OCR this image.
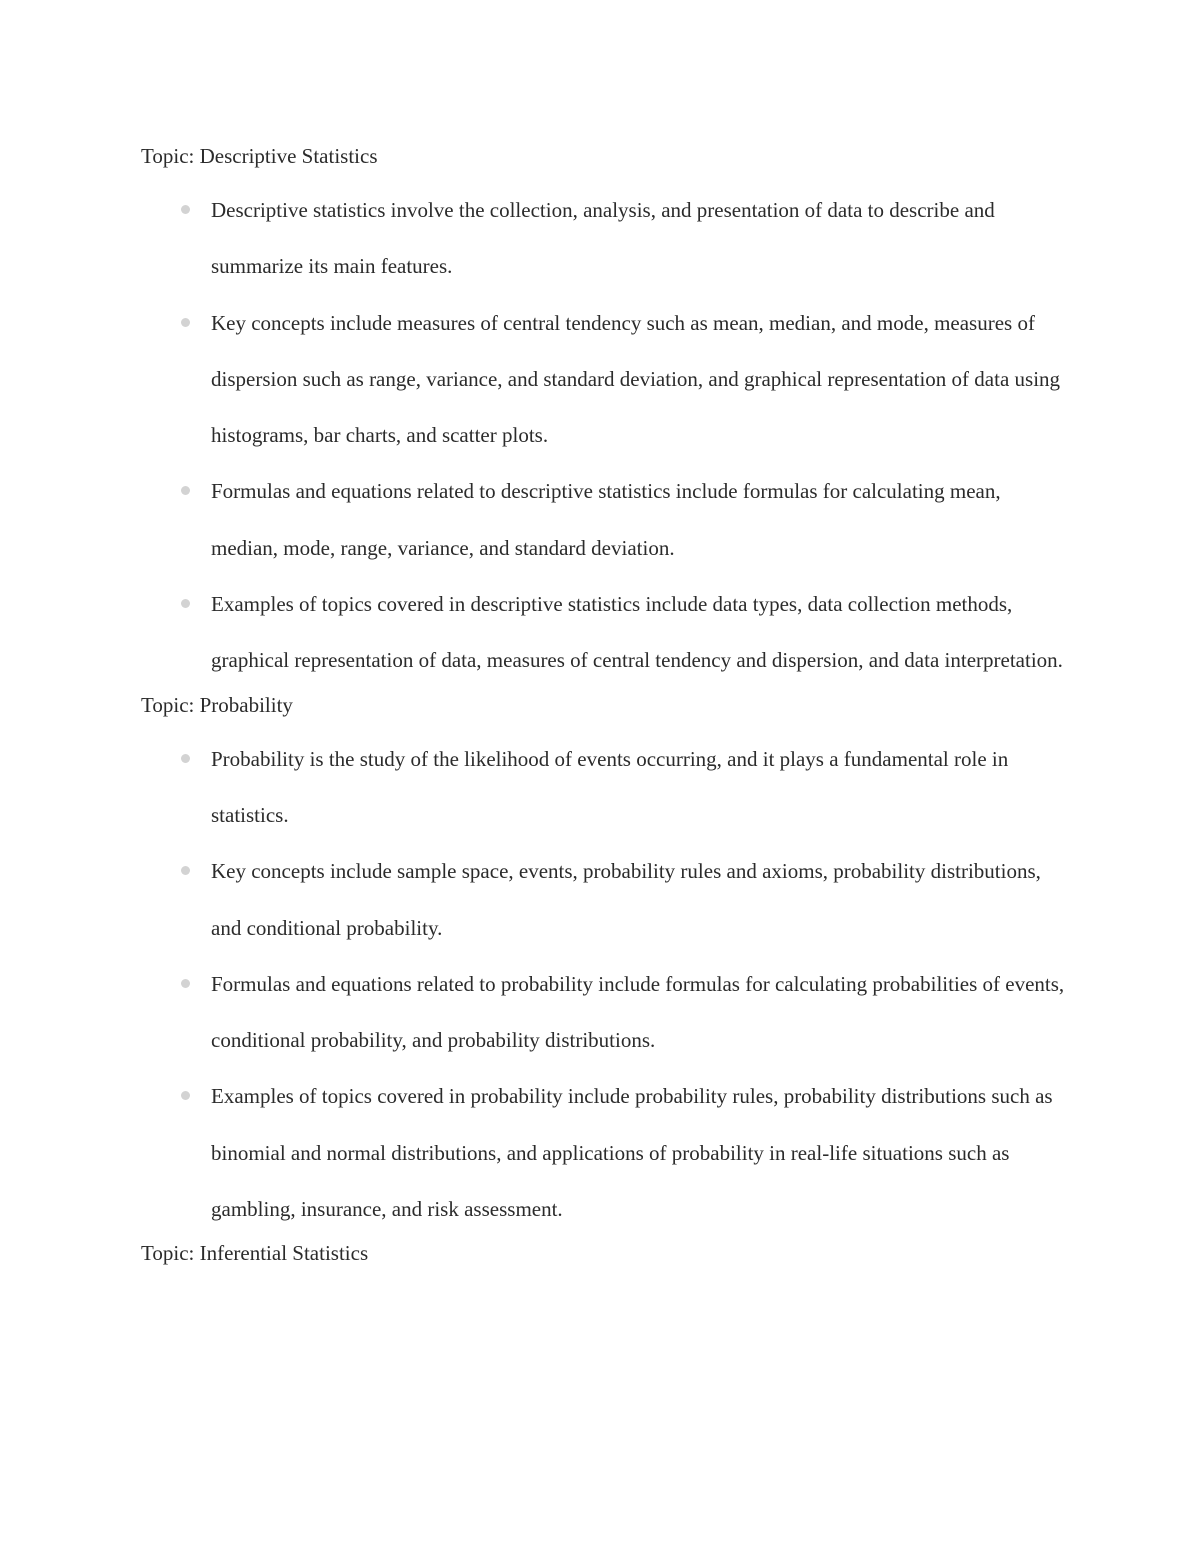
Topic: Descriptive Statistics

Descriptive statistics involve the collection, analysis, and presentation of data to describe and summarize its main features.
Key concepts include measures of central tendency such as mean, median, and mode, measures of dispersion such as range, variance, and standard deviation, and graphical representation of data using histograms, bar charts, and scatter plots.
Formulas and equations related to descriptive statistics include formulas for calculating mean, median, mode, range, variance, and standard deviation.
Examples of topics covered in descriptive statistics include data types, data collection methods, graphical representation of data, measures of central tendency and dispersion, and data interpretation.

Topic: Probability

Probability is the study of the likelihood of events occurring, and it plays a fundamental role in statistics.
Key concepts include sample space, events, probability rules and axioms, probability distributions, and conditional probability.
Formulas and equations related to probability include formulas for calculating probabilities of events, conditional probability, and probability distributions.
Examples of topics covered in probability include probability rules, probability distributions such as binomial and normal distributions, and applications of probability in real-life situations such as gambling, insurance, and risk assessment.

Topic: Inferential Statistics
